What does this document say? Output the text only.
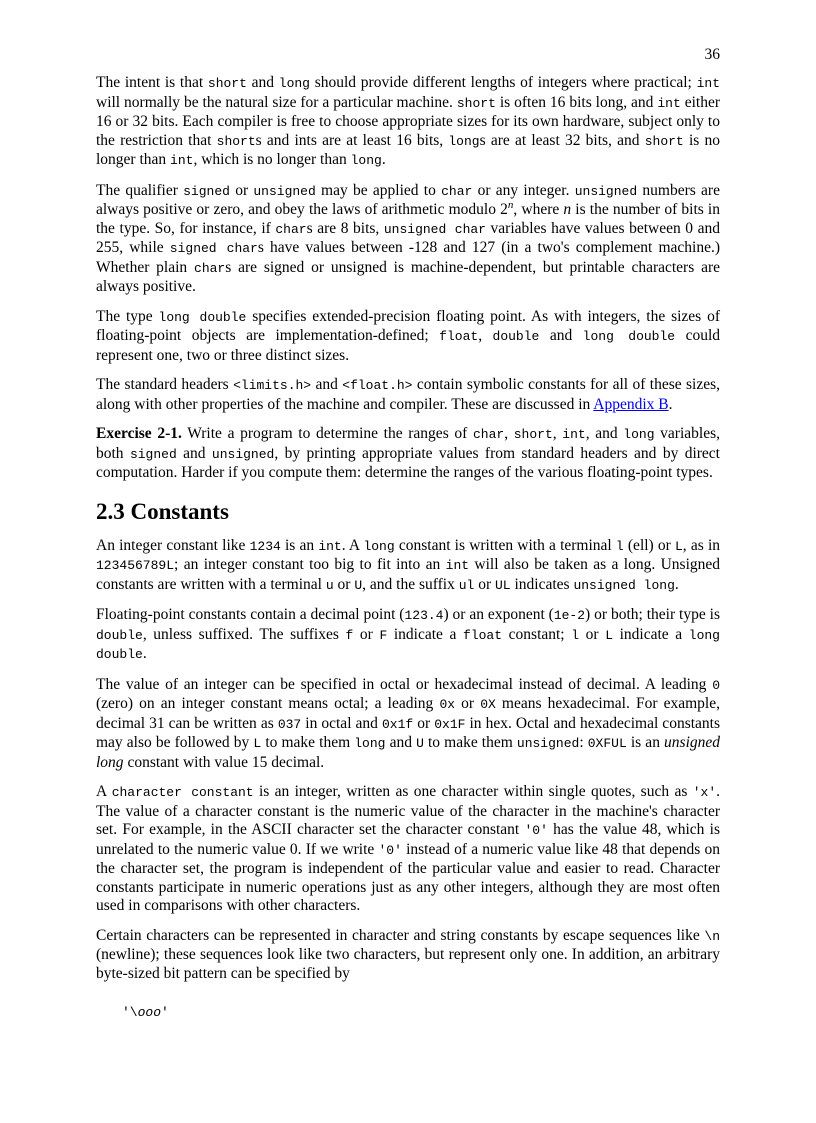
36

The intent is that short and long should provide different lengths of integers where practical; int will normally be the natural size for a particular machine. short is often 16 bits long, and int either 16 or 32 bits. Each compiler is free to choose appropriate sizes for its own hardware, subject only to the restriction that shorts and ints are at least 16 bits, longs are at least 32 bits, and short is no longer than int, which is no longer than long.

The qualifier signed or unsigned may be applied to char or any integer. unsigned numbers are always positive or zero, and obey the laws of arithmetic modulo 2$^n$, where n is the number of bits in the type. So, for instance, if chars are 8 bits, unsigned char variables have values between 0 and 255, while signed chars have values between -128 and 127 (in a two's complement machine.) Whether plain chars are signed or unsigned is machine-dependent, but printable characters are always positive.

The type long double specifies extended-precision floating point. As with integers, the sizes of floating-point objects are implementation-defined; float, double and long double could represent one, two or three distinct sizes.

The standard headers <limits.h> and <float.h> contain symbolic constants for all of these sizes, along with other properties of the machine and compiler. These are discussed in Appendix B.

Exercise 2-1. Write a program to determine the ranges of char, short, int, and long variables, both signed and unsigned, by printing appropriate values from standard headers and by direct computation. Harder if you compute them: determine the ranges of the various floating-point types.

2.3 Constants

An integer constant like 1234 is an int. A long constant is written with a terminal l (ell) or L, as in 123456789L; an integer constant too big to fit into an int will also be taken as a long. Unsigned constants are written with a terminal u or U, and the suffix ul or UL indicates unsigned long.

Floating-point constants contain a decimal point (123.4) or an exponent (1e-2) or both; their type is double, unless suffixed. The suffixes f or F indicate a float constant; l or L indicate a long double.

The value of an integer can be specified in octal or hexadecimal instead of decimal. A leading 0 (zero) on an integer constant means octal; a leading 0x or 0X means hexadecimal. For example, decimal 31 can be written as 037 in octal and 0x1f or 0x1F in hex. Octal and hexadecimal constants may also be followed by L to make them long and U to make them unsigned: 0XFUL is an unsigned long constant with value 15 decimal.

A character constant is an integer, written as one character within single quotes, such as 'x'. The value of a character constant is the numeric value of the character in the machine's character set. For example, in the ASCII character set the character constant '0' has the value 48, which is unrelated to the numeric value 0. If we write '0' instead of a numeric value like 48 that depends on the character set, the program is independent of the particular value and easier to read. Character constants participate in numeric operations just as any other integers, although they are most often used in comparisons with other characters.

Certain characters can be represented in character and string constants by escape sequences like \n (newline); these sequences look like two characters, but represent only one. In addition, an arbitrary byte-sized bit pattern can be specified by

'\ooo'
